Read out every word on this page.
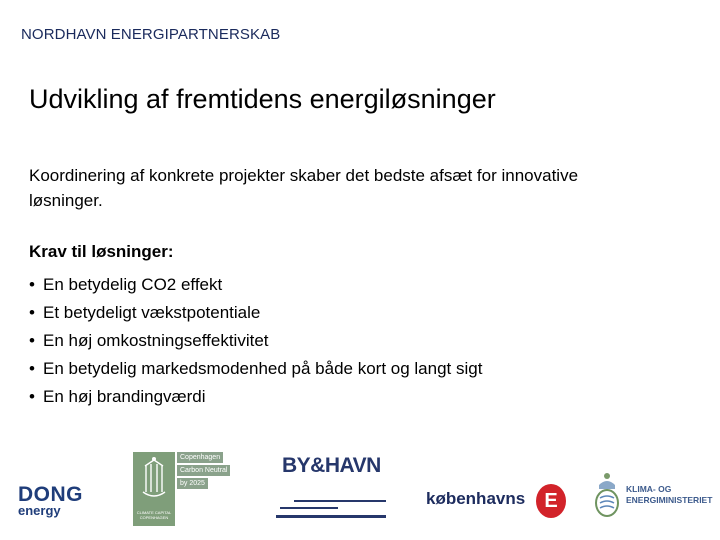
NORDHAVN ENERGIPARTNERSKAB
Udvikling af fremtidens energiløsninger
Koordinering af konkrete projekter skaber det bedste afsæt for innovative løsninger.
Krav til løsninger:
• En betydelig CO2 effekt
• Et betydeligt vækstpotentiale
• En høj omkostningseffektivitet
• En betydelig markedsmodenhed på både kort og langt sigt
• En høj brandingværdi
DONG
energy	CLIMATE CAPITAL COPENHAGEN
Copenhagen
Carbon Neutral
by 2025
BY&HAVN
københavns E
KLIMA- OG
ENERGIMINISTERIET
